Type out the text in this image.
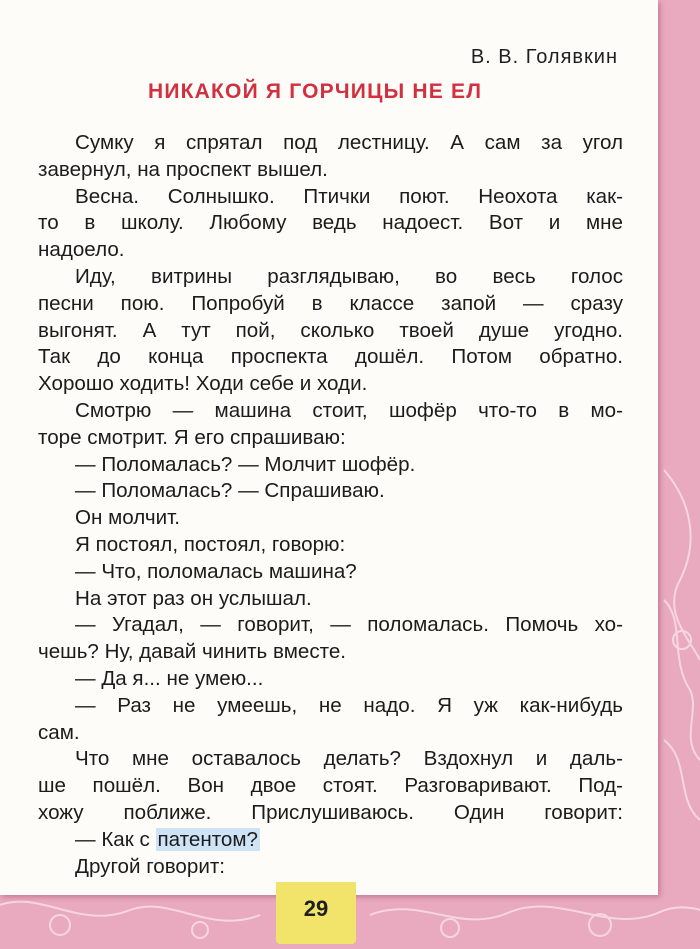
В. В. Голявкин
НИКАКОЙ Я ГОРЧИЦЫ НЕ ЕЛ
Сумку я спрятал под лестницу. А сам за угол
завернул, на проспект вышел.
Весна. Солнышко. Птички поют. Неохота как-
то в школу. Любому ведь надоест. Вот и мне
надоело.
Иду, витрины разглядываю, во весь голос
песни пою. Попробуй в классе запой — сразу
выгонят. А тут пой, сколько твоей душе угодно.
Так до конца проспекта дошёл. Потом обратно.
Хорошо ходить! Ходи себе и ходи.
Смотрю — машина стоит, шофёр что-то в мо-
торе смотрит. Я его спрашиваю:
— Поломалась? — Молчит шофёр.
— Поломалась? — Спрашиваю.
Он молчит.
Я постоял, постоял, говорю:
— Что, поломалась машина?
На этот раз он услышал.
— Угадал, — говорит, — поломалась. Помочь хо-
чешь? Ну, давай чинить вместе.
— Да я... не умею...
— Раз не умеешь, не надо. Я уж как-нибудь
сам.
Что мне оставалось делать? Вздохнул и даль-
ше пошёл. Вон двое стоят. Разговаривают. Под-
хожу поближе. Прислушиваюсь. Один говорит:
— Как с патентом?
Другой говорит:
29
